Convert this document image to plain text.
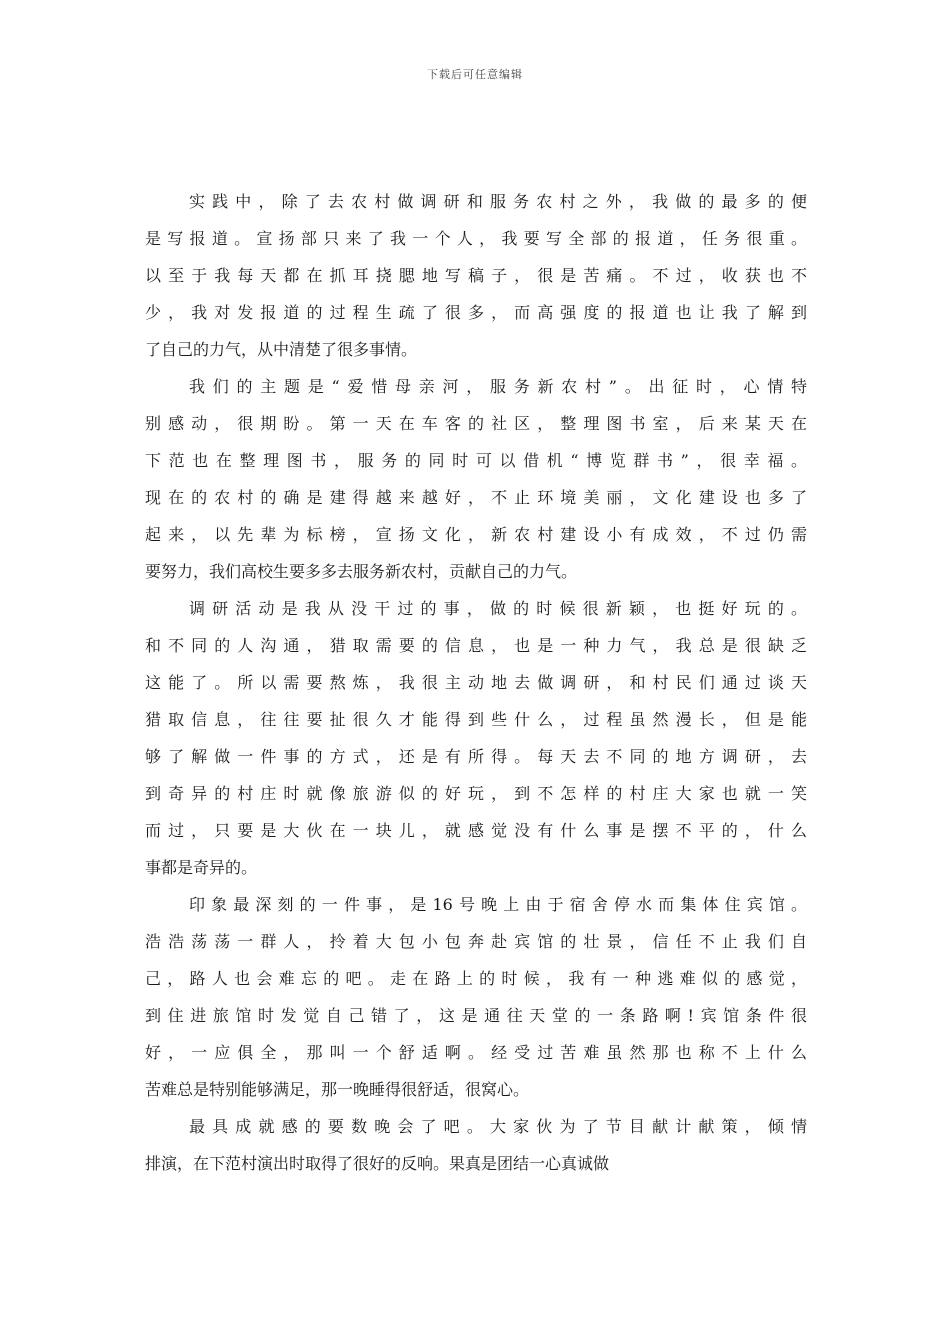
下载后可任意编辑
实践中，除了去农村做调研和服务农村之外，我做的最多的便
是写报道。宣扬部只来了我一个人，我要写全部的报道，任务很重。
以至于我每天都在抓耳挠腮地写稿子，很是苦痛。不过，收获也不
少，我对发报道的过程生疏了很多，而高强度的报道也让我了解到
了自己的力气，从中清楚了很多事情。
我们的主题是“爱惜母亲河，服务新农村”。出征时，心情特
别感动，很期盼。第一天在车客的社区，整理图书室，后来某天在
下范也在整理图书，服务的同时可以借机“博览群书”，很幸福。
现在的农村的确是建得越来越好，不止环境美丽，文化建设也多了
起来，以先辈为标榜，宣扬文化，新农村建设小有成效，不过仍需
要努力，我们高校生要多多去服务新农村，贡献自己的力气。
调研活动是我从没干过的事，做的时候很新颖，也挺好玩的。
和不同的人沟通，猎取需要的信息，也是一种力气，我总是很缺乏
这能了。所以需要熬炼，我很主动地去做调研，和村民们通过谈天
猎取信息，往往要扯很久才能得到些什么，过程虽然漫长，但是能
够了解做一件事的方式，还是有所得。每天去不同的地方调研，去
到奇异的村庄时就像旅游似的好玩，到不怎样的村庄大家也就一笑
而过，只要是大伙在一块儿，就感觉没有什么事是摆不平的，什么
事都是奇异的。
印象最深刻的一件事，是16号晚上由于宿舍停水而集体住宾馆。
浩浩荡荡一群人，拎着大包小包奔赴宾馆的壮景，信任不止我们自
己，路人也会难忘的吧。走在路上的时候，我有一种逃难似的感觉，
到住进旅馆时发觉自己错了，这是通往天堂的一条路啊!宾馆条件很
好，一应俱全，那叫一个舒适啊。经受过苦难虽然那也称不上什么
苦难总是特别能够满足，那一晚睡得很舒适，很窝心。
最具成就感的要数晚会了吧。大家伙为了节目献计献策，倾情
排演，在下范村演出时取得了很好的反响。果真是团结一心真诚做
